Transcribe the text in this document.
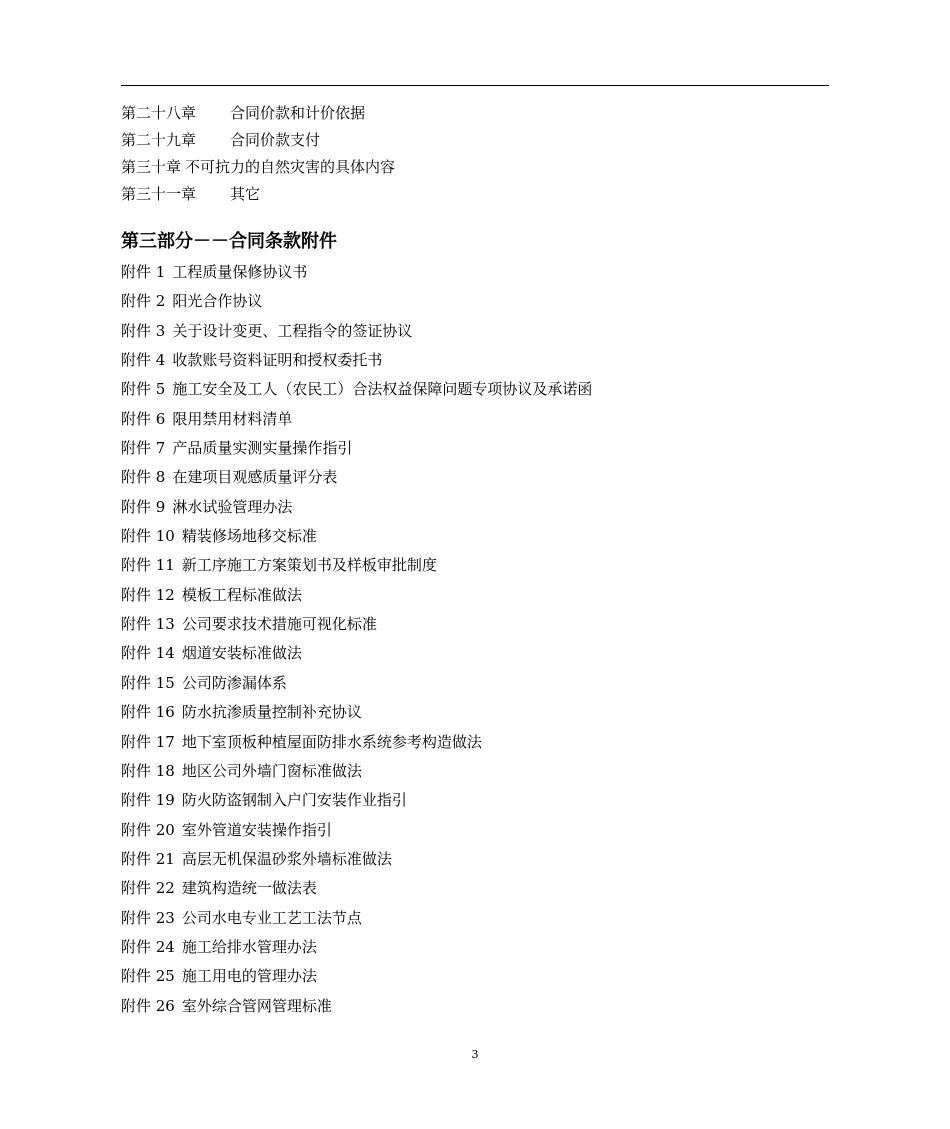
第二十八章 合同价款和计价依据
第二十九章 合同价款支付
第三十章 不可抗力的自然灾害的具体内容
第三十一章 其它
第三部分－－合同条款附件
附件 1 工程质量保修协议书
附件 2 阳光合作协议
附件 3 关于设计变更、工程指令的签证协议
附件 4 收款账号资料证明和授权委托书
附件 5 施工安全及工人（农民工）合法权益保障问题专项协议及承诺函
附件 6 限用禁用材料清单
附件 7 产品质量实测实量操作指引
附件 8 在建项目观感质量评分表
附件 9 淋水试验管理办法
附件 10 精装修场地移交标准
附件 11 新工序施工方案策划书及样板审批制度
附件 12 模板工程标准做法
附件 13 公司要求技术措施可视化标准
附件 14 烟道安装标准做法
附件 15 公司防渗漏体系
附件 16 防水抗渗质量控制补充协议
附件 17 地下室顶板种植屋面防排水系统参考构造做法
附件 18 地区公司外墙门窗标准做法
附件 19 防火防盗钢制入户门安装作业指引
附件 20 室外管道安装操作指引
附件 21 高层无机保温砂浆外墙标准做法
附件 22 建筑构造统一做法表
附件 23 公司水电专业工艺工法节点
附件 24 施工给排水管理办法
附件 25 施工用电的管理办法
附件 26 室外综合管网管理标准
3
